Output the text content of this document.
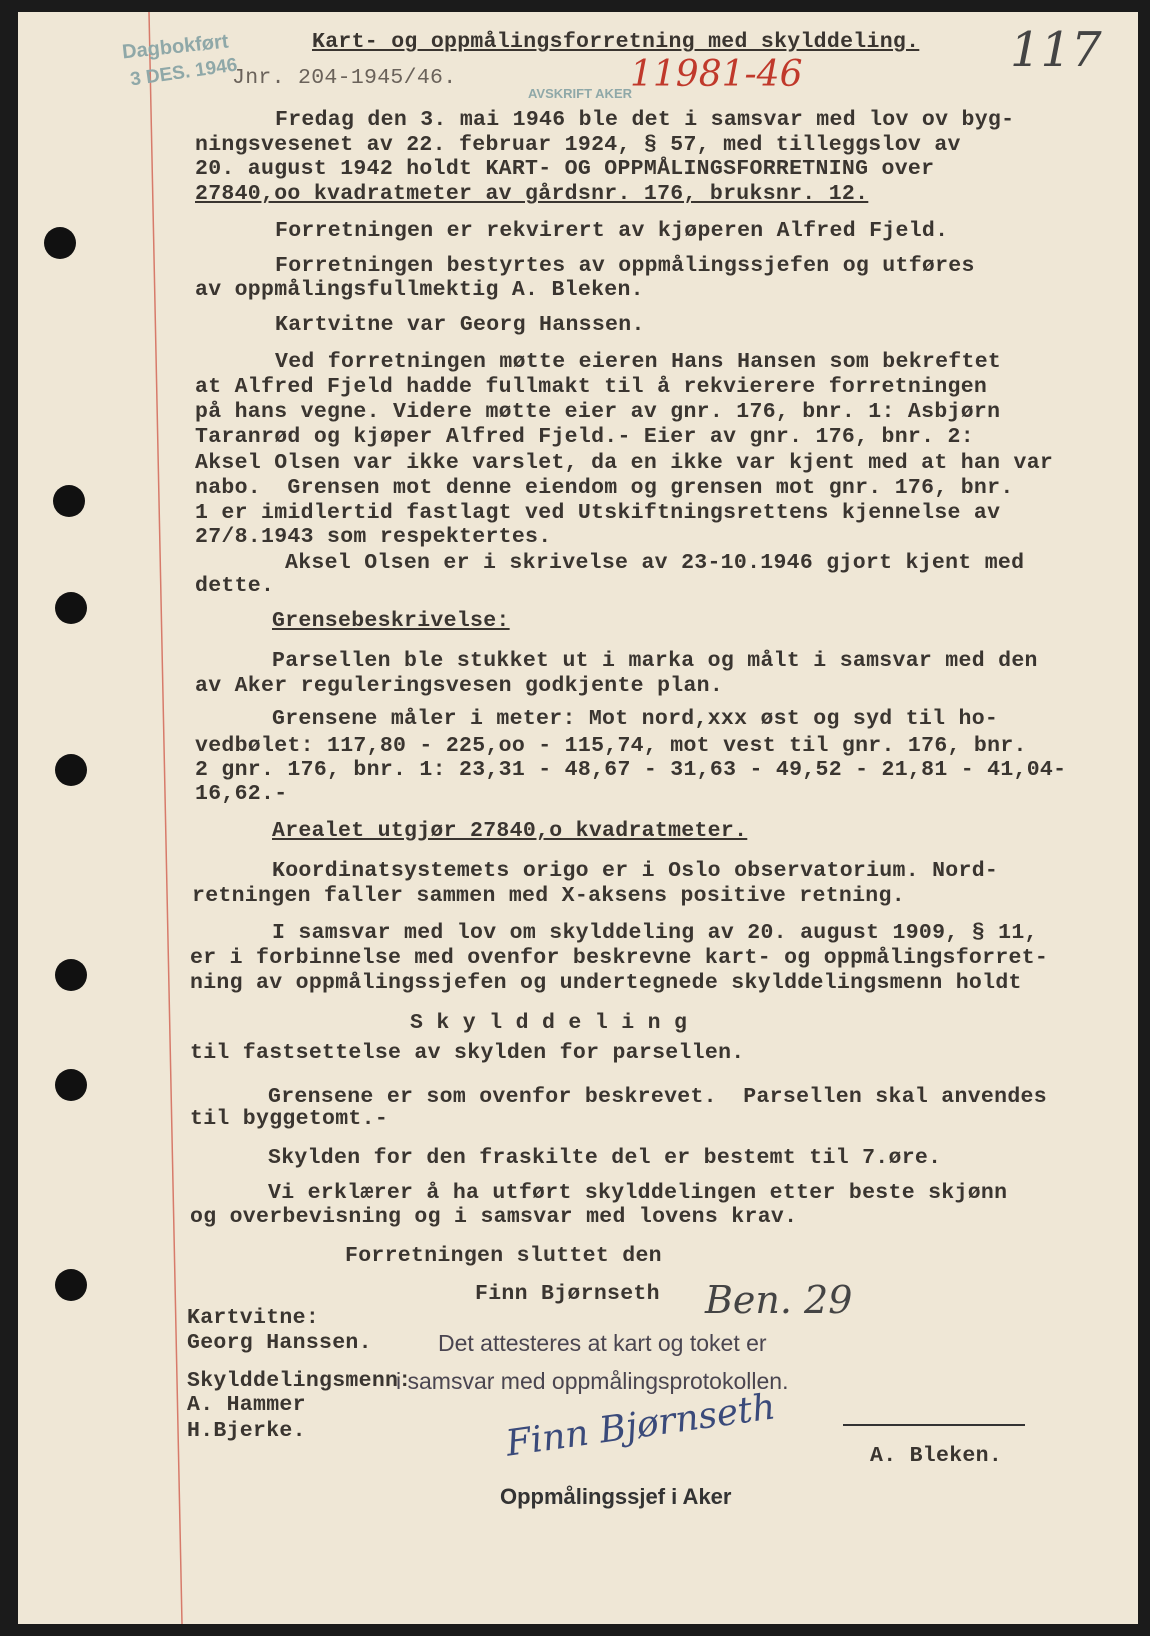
Dagbokført
3 DES. 1946
AVSKRIFT AKER
Kart- og oppmålingsforretning med skylddeling.
Jnr. 204-1945/46.	117
11981-46
Fredag den 3. mai 1946 ble det i samsvar med lov ov byg-
ningsvesenet av 22. februar 1924, § 57, med tilleggslov av
20. august 1942 holdt KART- OG OPPMÅLINGSFORRETNING over
27840,oo kvadratmeter av gårdsnr. 176, bruksnr. 12.
Forretningen er rekvirert av kjøperen Alfred Fjeld.
Forretningen bestyrtes av oppmålingssjefen og utføres
av oppmålingsfullmektig A. Bleken.
Kartvitne var Georg Hanssen.
Ved forretningen møtte eieren Hans Hansen som bekreftet
at Alfred Fjeld hadde fullmakt til å rekvierere forretningen
på hans vegne. Videre møtte eier av gnr. 176, bnr. 1: Asbjørn
Taranrød og kjøper Alfred Fjeld.- Eier av gnr. 176, bnr. 2:
Aksel Olsen var ikke varslet, da en ikke var kjent med at han var
nabo.  Grensen mot denne eiendom og grensen mot gnr. 176, bnr.
1 er imidlertid fastlagt ved Utskiftningsrettens kjennelse av
27/8.1943 som respektertes.
Aksel Olsen er i skrivelse av 23-10.1946 gjort kjent med
dette.
Grensebeskrivelse:
Parsellen ble stukket ut i marka og målt i samsvar med den
av Aker reguleringsvesen godkjente plan.
Grensene måler i meter: Mot nord,xxx øst og syd til ho-
vedbølet: 117,80 - 225,oo - 115,74, mot vest til gnr. 176, bnr.
2 gnr. 176, bnr. 1: 23,31 - 48,67 - 31,63 - 49,52 - 21,81 - 41,04-
16,62.-
Arealet utgjør 27840,o kvadratmeter.
Koordinatsystemets origo er i Oslo observatorium. Nord-
retningen faller sammen med X-aksens positive retning.
I samsvar med lov om skylddeling av 20. august 1909, § 11,
er i forbinnelse med ovenfor beskrevne kart- og oppmålingsforret-
ning av oppmålingssjefen og undertegnede skylddelingsmenn holdt
S k y l d d e l i n g
til fastsettelse av skylden for parsellen.
Grensene er som ovenfor beskrevet.  Parsellen skal anvendes
til byggetomt.-
Skylden for den fraskilte del er bestemt til 7.øre.
Vi erklærer å ha utført skylddelingen etter beste skjønn
og overbevisning og i samsvar med lovens krav.
Forretningen sluttet den
Finn Bjørnseth
Kartvitne:
Georg Hanssen.
Skylddelingsmenn:
A. Hammer
H.Bjerke.
A. Bleken.
Ben. 29
Det attesteres at kart og toket er
i samsvar med oppmålingsprotokollen.
Finn Bjørnseth
Oppmålingssjef i Aker
